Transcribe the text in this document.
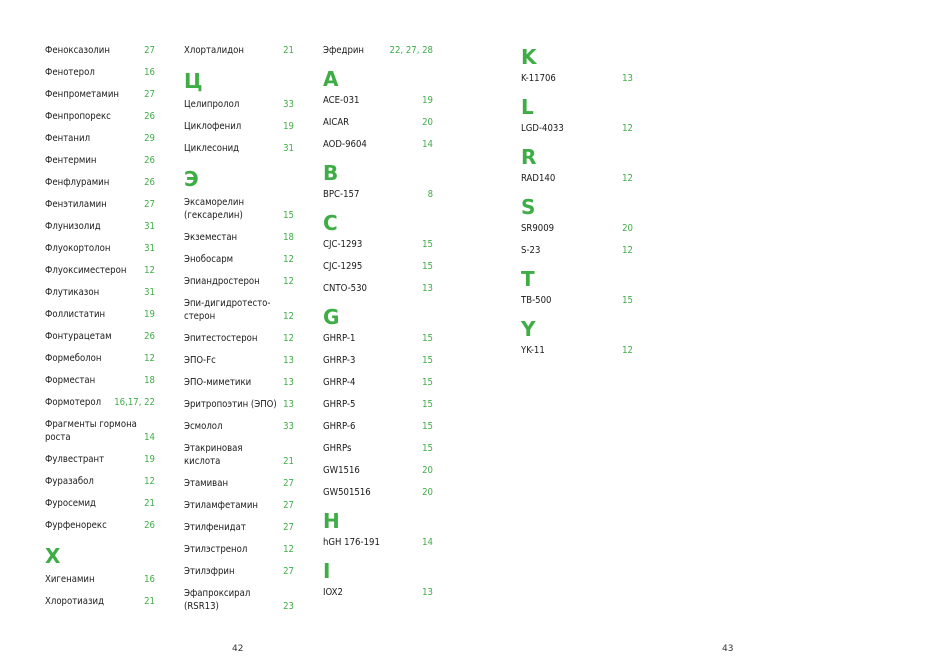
Феноксазолин	27
Фенотерол	16
Фенпрометамин	27
Фенпропорекс	26
Фентанил	29
Фентермин	26
Фенфлурамин	26
Фенэтиламин	27
Флунизолид	31
Флуокортолон	31
Флуоксиместерон	12
Флутиказон	31
Фоллистатин	19
Фонтурацетам	26
Формеболон	12
Форместан	18
Формотерол	16,17, 22
Фрагменты гормона
роста	14
Фулвестрант	19
Фуразабол	12
Фуросемид	21
Фурфенорекс	26
Х
Хигенамин	16
Хлоротиазид	21
Хлорталидон	21
Ц
Целипролол	33
Циклофенил	19
Циклесонид	31
Э
Эксаморелин
(гексарелин)	15
Экземестан	18
Энобосарм	12
Эпиандростерон	12
Эпи-дигидротесто-
стерон	12
Эпитестостерон	12
ЭПО-Fc	13
ЭПО-миметики	13
Эритропоэтин (ЭПО) 13
Эсмолол	33
Этакриновая кислота	21
Этамиван	27
Этиламфетамин	27
Этилфенидат	27
Этилэстренол	12
Этилэфрин	27
Эфапроксирал
(RSR13)	23
Эфедрин	22, 27, 28
A
ACE-031	19
AICAR	20
AOD-9604	14
B
BPC-157	8
C
CJC-1293	15
CJC-1295	15
CNTO-530	13
G
GHRP-1	15
GHRP-3	15
GHRP-4	15
GHRP-5	15
GHRP-6	15
GHRPs	15
GW1516	20
GW501516	20
H
hGH 176-191	14
I
IOX2	13
K
K-11706	13
L
LGD-4033	12
R
RAD140	12
S
SR9009	20
S-23	12
T
TB-500	15
Y
YK-11	12
42	43
